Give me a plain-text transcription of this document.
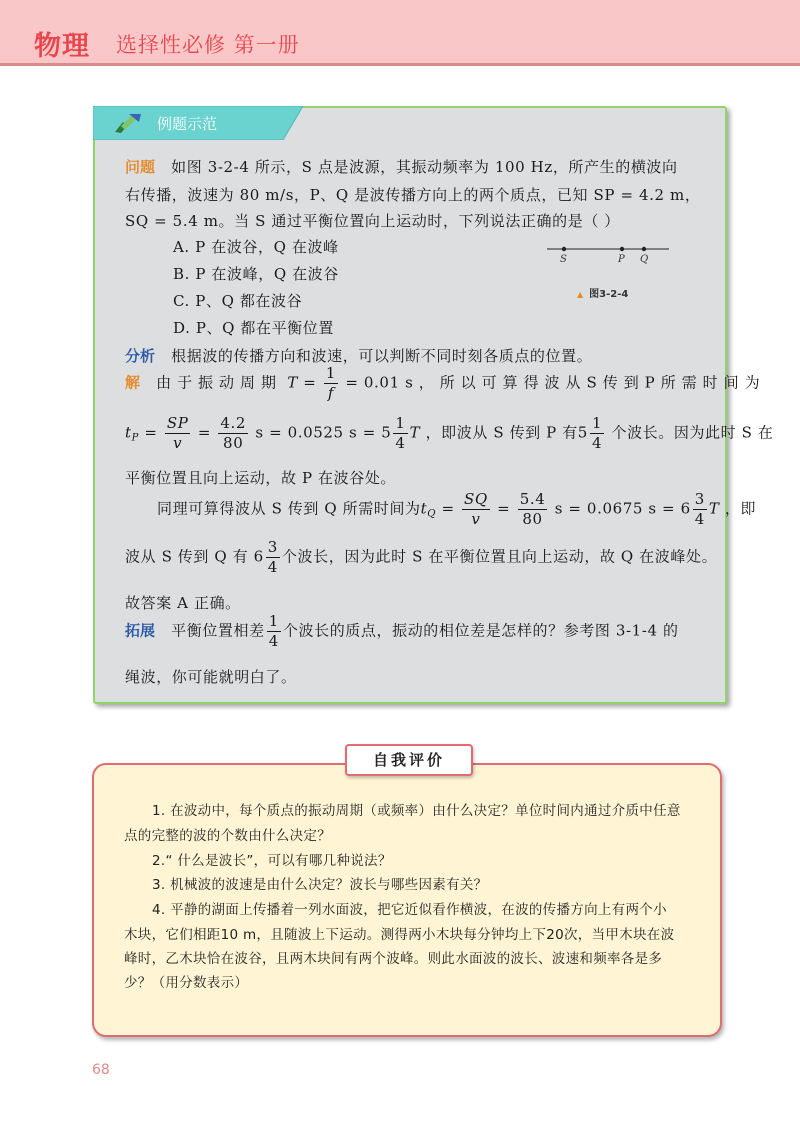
物理 选择性必修 第一册
例题示范
问题 如图 3-2-4 所示，S 点是波源，其振动频率为 100 Hz，所产生的横波向
右传播，波速为 80 m/s，P、Q 是波传播方向上的两个质点，已知 SP = 4.2 m，
SQ = 5.4 m。当 S 通过平衡位置向上运动时，下列说法正确的是（ ）
A. P 在波谷，Q 在波峰
B. P 在波峰，Q 在波谷
C. P、Q 都在波谷
D. P、Q 都在平衡位置
S	P Q
▲ 图3-2-4
分析 根据波的传播方向和波速，可以判断不同时刻各质点的位置。
解 由 于 振 动 周 期 $T = \frac{1}{f} = 0.01$ s ， 所 以 可 算 得 波 从 S 传 到 P 所 需 时 间 为
$t_P = \frac{SP}{v} = \frac{4.2}{80}$ s = 0.0525 $s = 5 \frac{1}{4}$ T ，即波从 S 传到 P 有$5 \frac{1}{4}$ 个波长。因为此时 S 在
平衡位置且向上运动，故 P 在波谷处。
同理可算得波从 S 传到 Q 所需时间为$t_Q = \frac{SQ}{v} = \frac{5.4}{80}$ s = 0.0675 $s = 6 \frac{3}{4}$ T ，即
波从 S 传到 Q 有 $6 \frac{3}{4}$ 个波长，因为此时 S 在平衡位置且向上运动，故 Q 在波峰处。
故答案 A 正确。
拓展 平衡位置相差 $\frac{1}{4}$ 个波长的质点，振动的相位差是怎样的？参考图 3-1-4 的
绳波，你可能就明白了。
1. 在波动中，每个质点的振动周期（或频率）由什么决定？单位时间内通过介质中任意
点的完整的波的个数由什么决定？
2.“ 什么是波长”，可以有哪几种说法？
3. 机械波的波速是由什么决定？波长与哪些因素有关？
4. 平静的湖面上传播着一列水面波，把它近似看作横波，在波的传播方向上有两个小
木块，它们相距10 m，且随波上下运动。测得两小木块每分钟均上下20次，当甲木块在波
峰时，乙木块恰在波谷，且两木块间有两个波峰。则此水面波的波长、波速和频率各是多
少？（用分数表示）
自我评价
68
